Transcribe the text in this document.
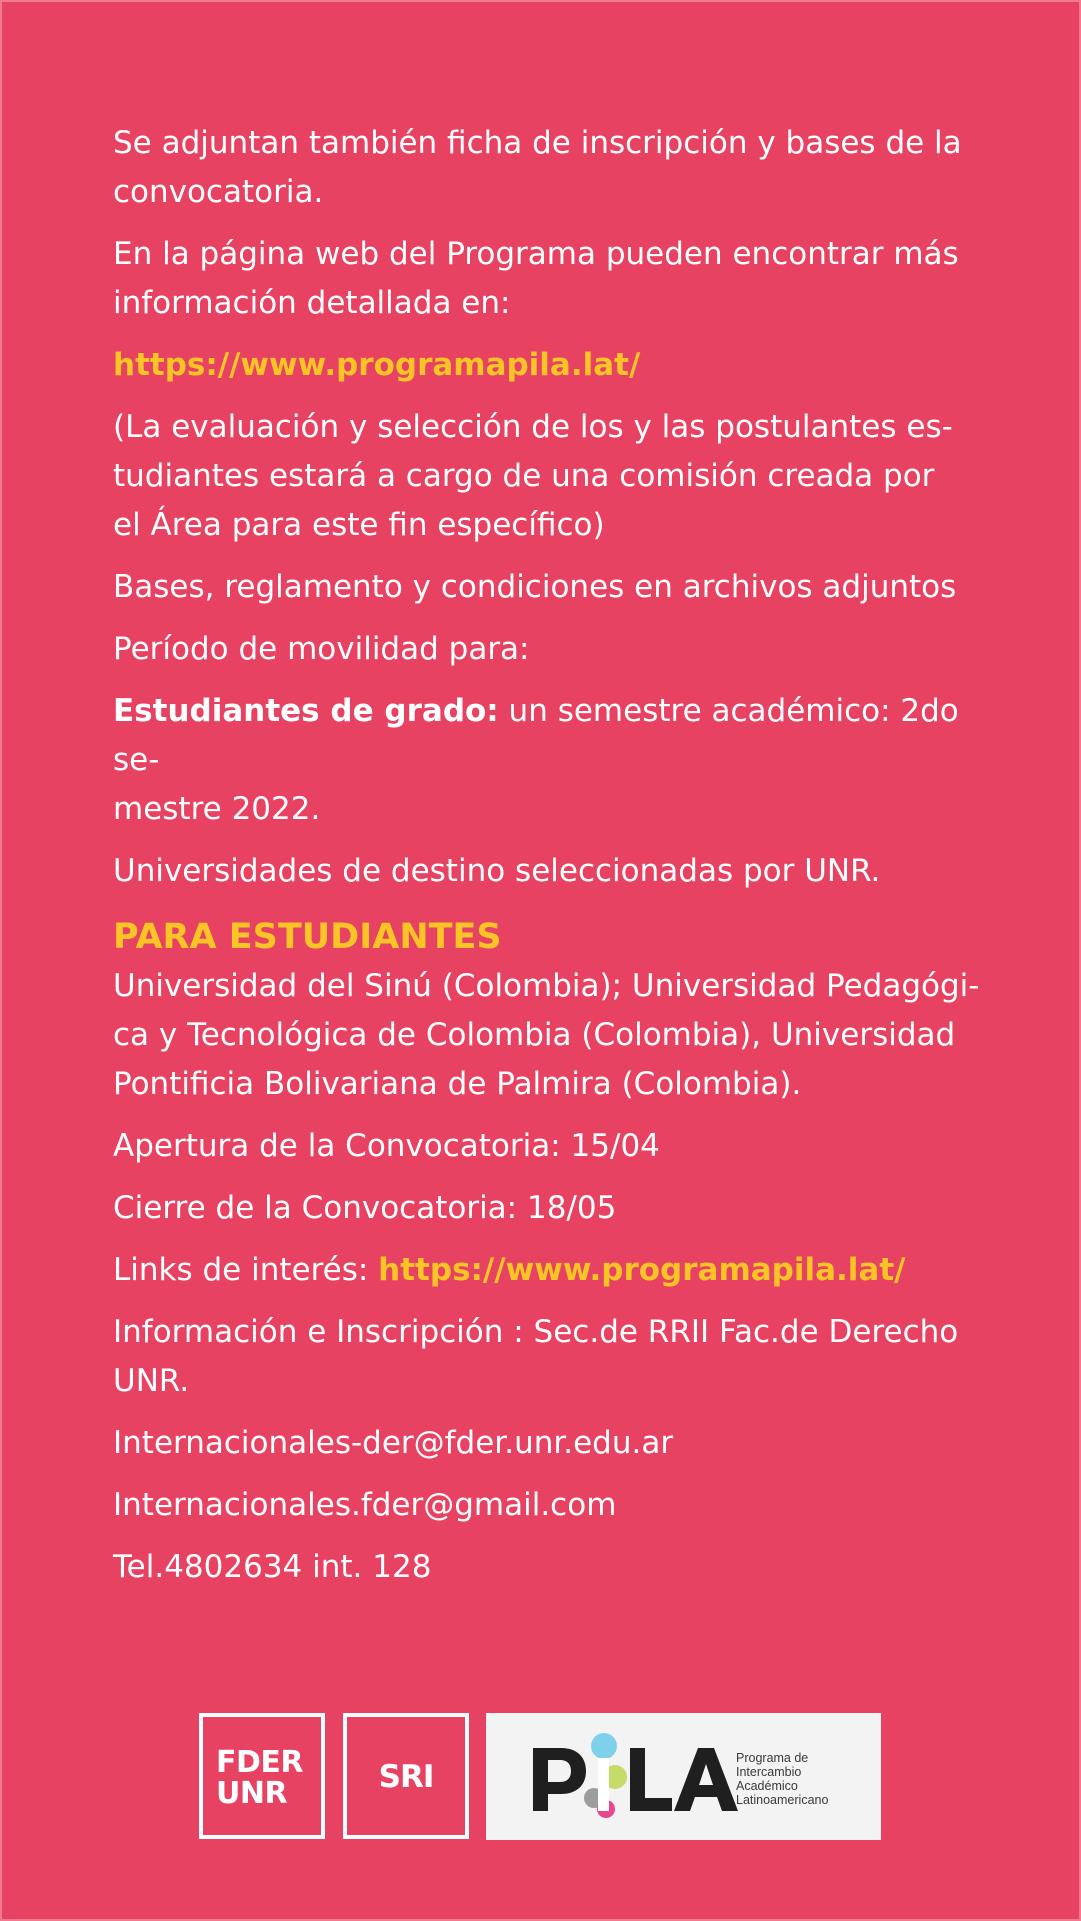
Se adjuntan también ficha de inscripción y bases de la
convocatoria.

En la página web del Programa pueden encontrar más
información detallada en:

https://www.programapila.lat/

(La evaluación y selección de los y las postulantes es-
tudiantes estará a cargo de una comisión creada por
el Área para este fin específico)

Bases, reglamento y condiciones en archivos adjuntos

Período de movilidad para:

Estudiantes de grado: un semestre académico: 2do se-
mestre 2022.

Universidades de destino seleccionadas por UNR.

PARA ESTUDIANTES

Universidad del Sinú (Colombia); Universidad Pedagógi-
ca y Tecnológica de Colombia (Colombia), Universidad
Pontificia Bolivariana de Palmira (Colombia).

Apertura de la Convocatoria: 15/04

Cierre de la Convocatoria: 18/05

Links de interés: https://www.programapila.lat/

Información e Inscripción : Sec.de RRII Fac.de Derecho
UNR.

Internacionales-der@fder.unr.edu.ar

Internacionales.fder@gmail.com

Tel.4802634 int. 128

FDER
UNR	SRI
Programa de
Intercambio
Académico
Latinoamericano
